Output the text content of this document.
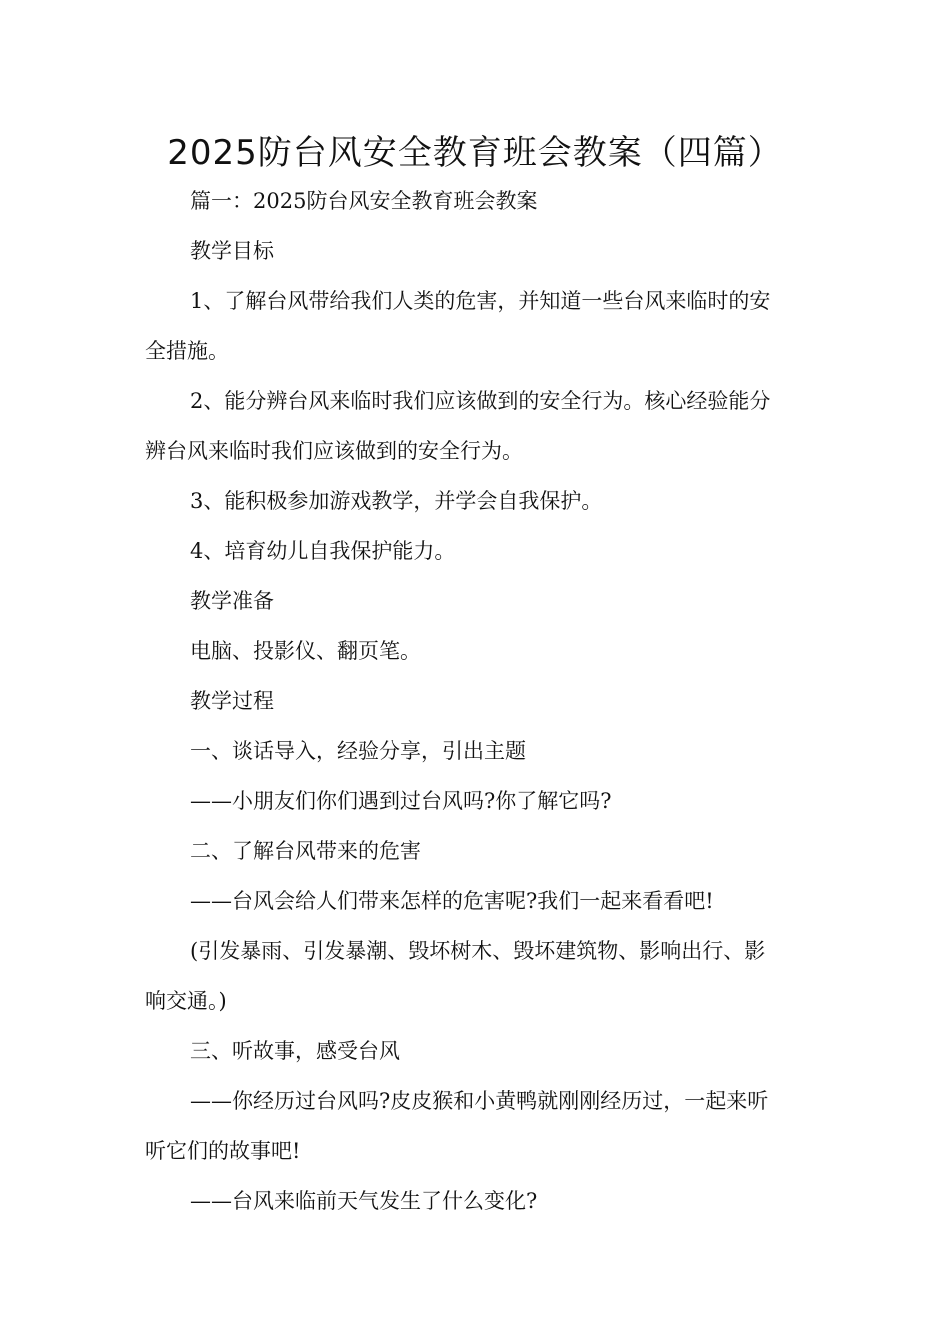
2025防台风安全教育班会教案（四篇）

篇一：2025防台风安全教育班会教案

教学目标

1、了解台风带给我们人类的危害，并知道一些台风来临时的安

全措施。

2、能分辨台风来临时我们应该做到的安全行为。核心经验能分

辨台风来临时我们应该做到的安全行为。

3、能积极参加游戏教学，并学会自我保护。

4、培育幼儿自我保护能力。

教学准备

电脑、投影仪、翻页笔。

教学过程

一、谈话导入，经验分享，引出主题

——小朋友们你们遇到过台风吗?你了解它吗?

二、了解台风带来的危害

——台风会给人们带来怎样的危害呢?我们一起来看看吧!

(引发暴雨、引发暴潮、毁坏树木、毁坏建筑物、影响出行、影

响交通。)

三、听故事，感受台风

——你经历过台风吗?皮皮猴和小黄鸭就刚刚经历过，一起来听

听它们的故事吧!

——台风来临前天气发生了什么变化?
